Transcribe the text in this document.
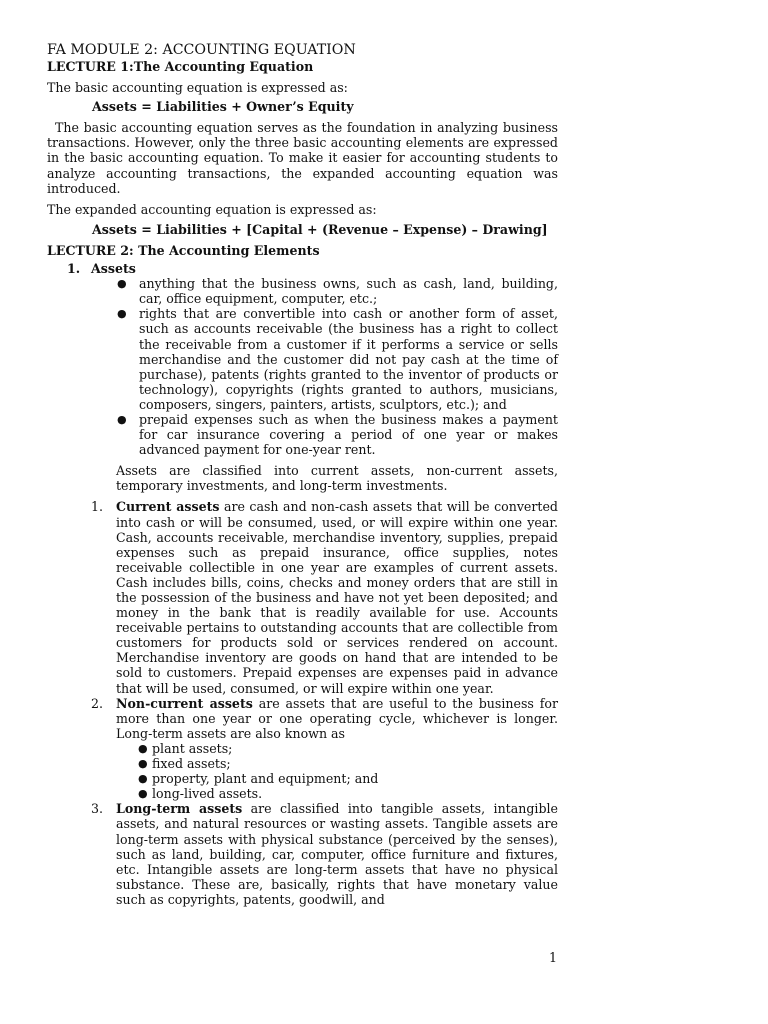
FA MODULE 2: ACCOUNTING EQUATION
LECTURE 1:The Accounting Equation

The basic accounting equation is expressed as:

Assets = Liabilities + Owner’s Equity

The basic accounting equation serves as the foundation in analyzing business transactions. However, only the three basic accounting elements are expressed in the basic accounting equation. To make it easier for accounting students to analyze accounting transactions, the expanded accounting equation was introduced.

The expanded accounting equation is expressed as:

Assets = Liabilities + [Capital + (Revenue – Expense) – Drawing]

LECTURE 2: The Accounting Elements
1. Assets
● anything that the business owns, such as cash, land, building, car, office equipment, computer, etc.;
● rights that are convertible into cash or another form of asset, such as accounts receivable (the business has a right to collect the receivable from a customer if it performs a service or sells merchandise and the customer did not pay cash at the time of purchase), patents (rights granted to the inventor of products or technology), copyrights (rights granted to authors, musicians, composers, singers, painters, artists, sculptors, etc.); and
● prepaid expenses such as when the business makes a payment for car insurance covering a period of one year or makes advanced payment for one-year rent.

Assets are classified into current assets, non-current assets, temporary investments, and long-term investments.

1. Current assets are cash and non-cash assets that will be converted into cash or will be consumed, used, or will expire within one year. Cash, accounts receivable, merchandise inventory, supplies, prepaid expenses such as prepaid insurance, office supplies, notes receivable collectible in one year are examples of current assets. Cash includes bills, coins, checks and money orders that are still in the possession of the business and have not yet been deposited; and money in the bank that is readily available for use. Accounts receivable pertains to outstanding accounts that are collectible from customers for products sold or services rendered on account. Merchandise inventory are goods on hand that are intended to be sold to customers. Prepaid expenses are expenses paid in advance that will be used, consumed, or will expire within one year.
2. Non-current assets are assets that are useful to the business for more than one year or one operating cycle, whichever is longer. Long-term assets are also known as
● plant assets;
● fixed assets;
● property, plant and equipment; and
● long-lived assets.
3. Long-term assets are classified into tangible assets, intangible assets, and natural resources or wasting assets. Tangible assets are long-term assets with physical substance (perceived by the senses), such as land, building, car, computer, office furniture and fixtures, etc. Intangible assets are long-term assets that have no physical substance. These are, basically, rights that have monetary value such as copyrights, patents, goodwill, and
1
